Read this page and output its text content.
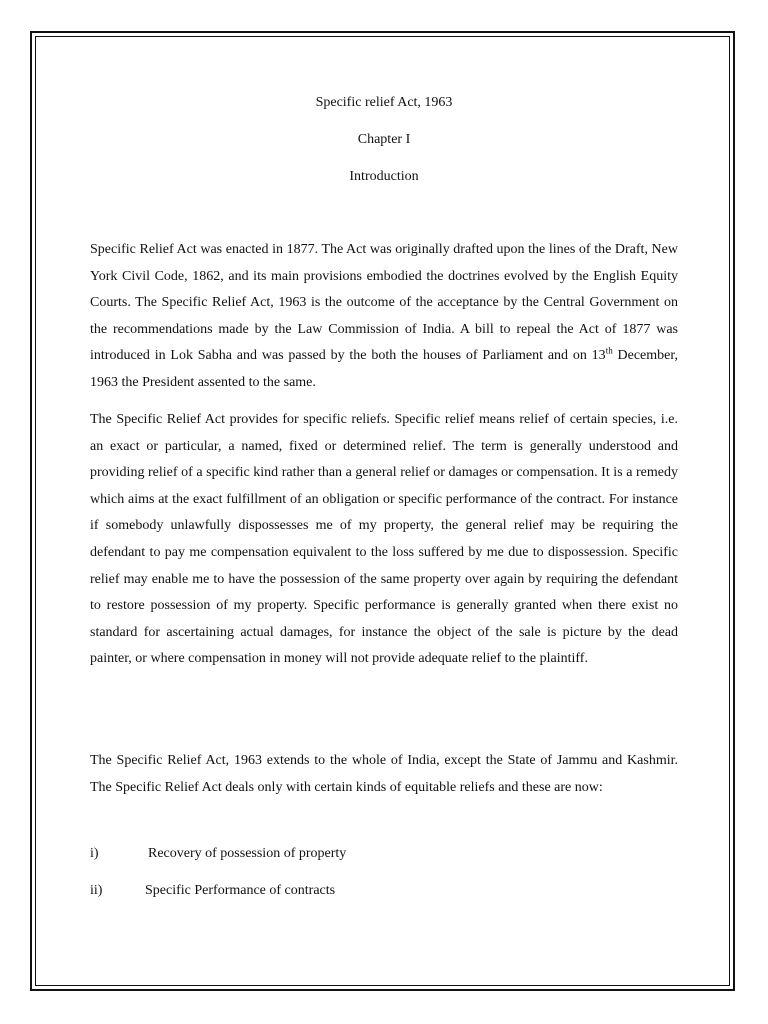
Specific relief Act, 1963
Chapter I
Introduction

Specific Relief Act was enacted in 1877. The Act was originally drafted upon the lines of the Draft, New York Civil Code, 1862, and its main provisions embodied the doctrines evolved by the English Equity Courts. The Specific Relief Act, 1963 is the outcome of the acceptance by the Central Government on the recommendations made by the Law Commission of India. A bill to repeal the Act of 1877 was introduced in Lok Sabha and was passed by the both the houses of Parliament and on 13th December, 1963 the President assented to the same.

The Specific Relief Act provides for specific reliefs. Specific relief means relief of certain species, i.e. an exact or particular, a named, fixed or determined relief. The term is generally understood and providing relief of a specific kind rather than a general relief or damages or compensation. It is a remedy which aims at the exact fulfillment of an obligation or specific performance of the contract. For instance if somebody unlawfully dispossesses me of my property, the general relief may be requiring the defendant to pay me compensation equivalent to the loss suffered by me due to dispossession. Specific relief may enable me to have the possession of the same property over again by requiring the defendant to restore possession of my property. Specific performance is generally granted when there exist no standard for ascertaining actual damages, for instance the object of the sale is picture by the dead painter, or where compensation in money will not provide adequate relief to the plaintiff.

The Specific Relief Act, 1963 extends to the whole of India, except the State of Jammu and Kashmir. The Specific Relief Act deals only with certain kinds of equitable reliefs and these are now:

i)	Recovery of possession of property
ii)	Specific Performance of contracts
